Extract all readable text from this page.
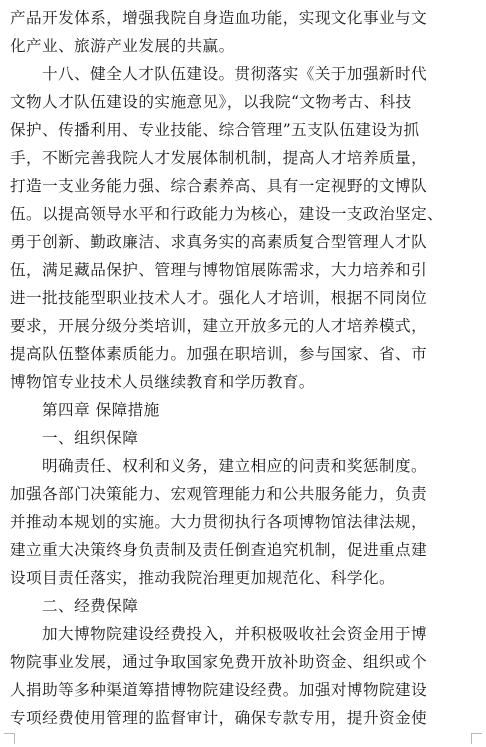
产品开发体系，增强我院自身造血功能，实现文化事业与文
化产业、旅游产业发展的共赢。
十八、健全人才队伍建设。贯彻落实《关于加强新时代
文物人才队伍建设的实施意见》，以我院“文物考古、科技
保护、传播利用、专业技能、综合管理”五支队伍建设为抓
手，不断完善我院人才发展体制机制，提高人才培养质量，
打造一支业务能力强、综合素养高、具有一定视野的文博队
伍。以提高领导水平和行政能力为核心，建设一支政治坚定、
勇于创新、勤政廉洁、求真务实的高素质复合型管理人才队
伍，满足藏品保护、管理与博物馆展陈需求，大力培养和引
进一批技能型职业技术人才。强化人才培训，根据不同岗位
要求，开展分级分类培训，建立开放多元的人才培养模式，
提高队伍整体素质能力。加强在职培训，参与国家、省、市
博物馆专业技术人员继续教育和学历教育。
第四章 保障措施
一、组织保障
明确责任、权利和义务，建立相应的问责和奖惩制度。
加强各部门决策能力、宏观管理能力和公共服务能力，负责
并推动本规划的实施。大力贯彻执行各项博物馆法律法规，
建立重大决策终身负责制及责任倒查追究机制，促进重点建
设项目责任落实，推动我院治理更加规范化、科学化。
二、经费保障
加大博物院建设经费投入，并积极吸收社会资金用于博
物院事业发展，通过争取国家免费开放补助资金、组织或个
人捐助等多种渠道筹措博物院建设经费。加强对博物院建设
专项经费使用管理的监督审计，确保专款专用，提升资金使
